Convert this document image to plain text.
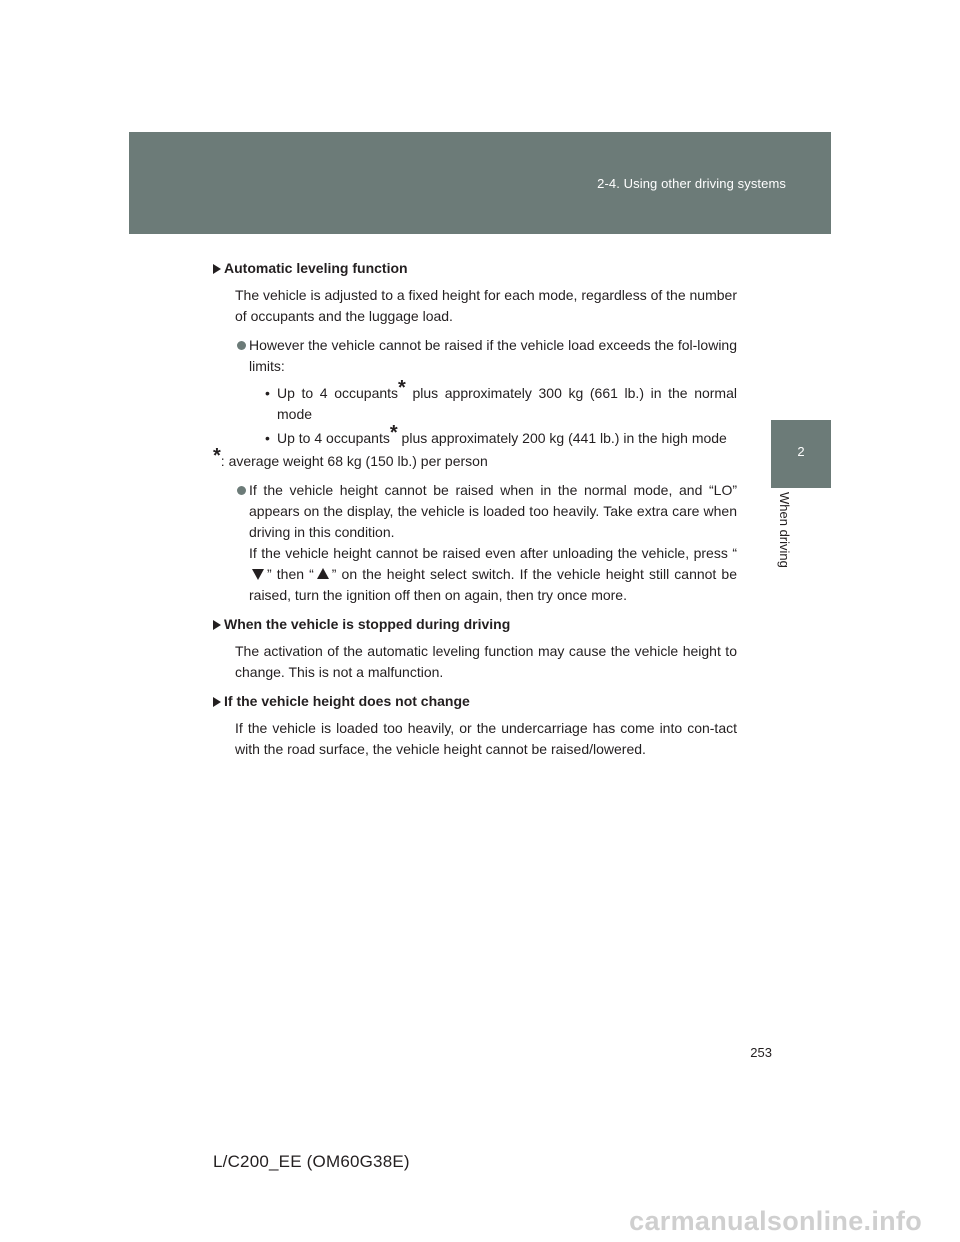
2-4. Using other driving systems
2
When driving
Automatic leveling function

The vehicle is adjusted to a fixed height for each mode, regardless of the number of occupants and the luggage load.

However the vehicle cannot be raised if the vehicle load exceeds the fol-lowing limits:
• Up to 4 occupants* plus approximately 300 kg (661 lb.) in the normal mode
• Up to 4 occupants* plus approximately 200 kg (441 lb.) in the high mode
*: average weight 68 kg (150 lb.) per person
If the vehicle height cannot be raised when in the normal mode, and “LO” appears on the display, the vehicle is loaded too heavily. Take extra care when driving in this condition.
If the vehicle height cannot be raised even after unloading the vehicle, press “” then “ ” on the height select switch. If the vehicle height still cannot be raised, turn the ignition off then on again, then try once more.
When the vehicle is stopped during driving

The activation of the automatic leveling function may cause the vehicle height to change. This is not a malfunction.

If the vehicle height does not change

If the vehicle is loaded too heavily, or the undercarriage has come into con-tact with the road surface, the vehicle height cannot be raised/lowered.

253
L/C200_EE (OM60G38E)
carmanualsonline.info
